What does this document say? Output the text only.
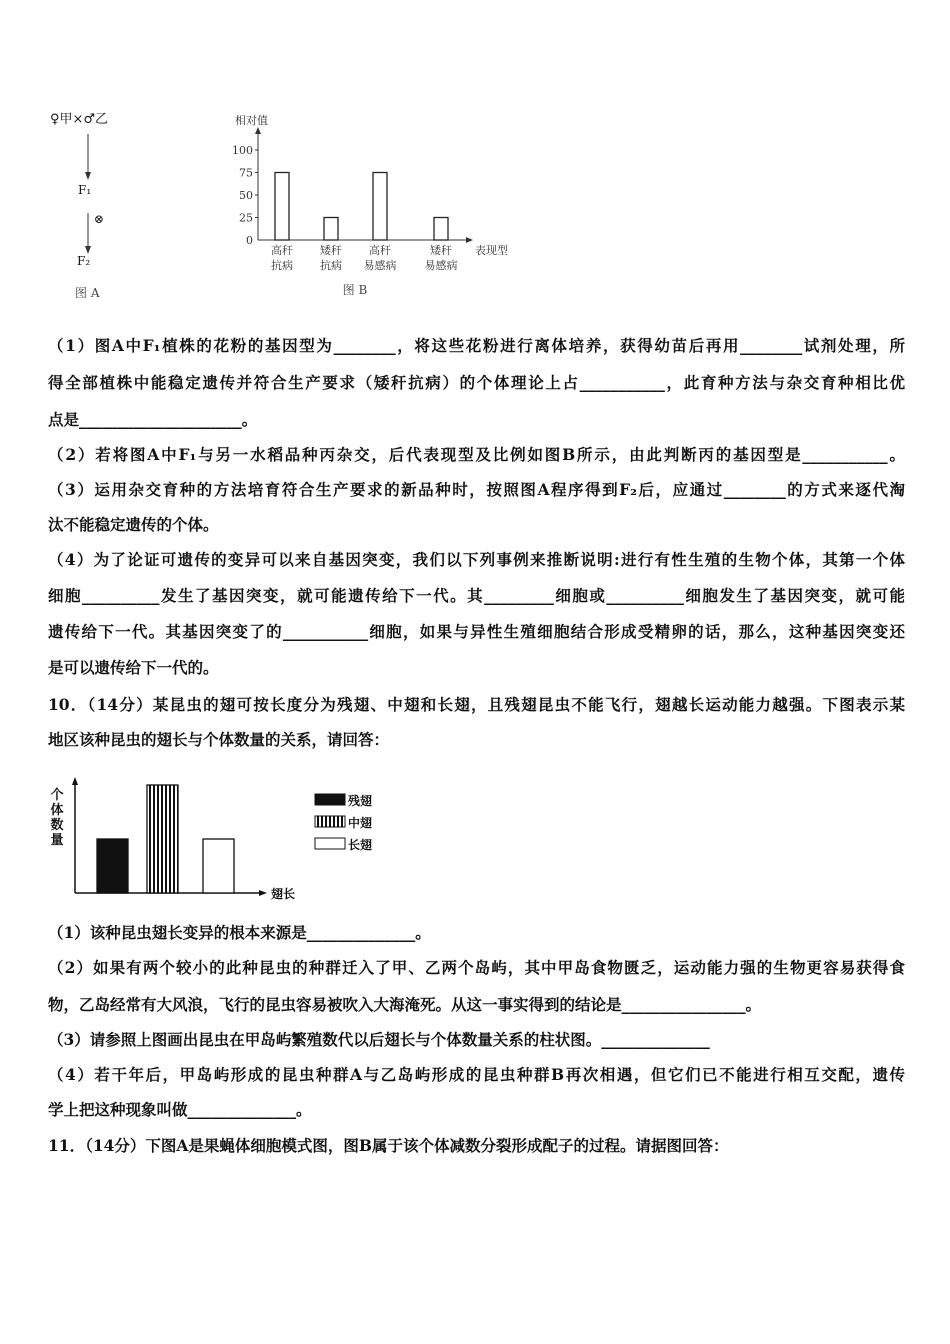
♀甲×♂乙
F₁
⊗
F₂
图 A
相对值
0
25
50
75
100
高秆
抗病
矮秆
抗病
高秆
易感病
矮秆
易感病
表现型
图 B
个
体
数
量
翅长
残翅
中翅
长翅
（1）图A中F₁植株的花粉的基因型为________，将这些花粉进行离体培养，获得幼苗后再用________试剂处理，所
得全部植株中能稳定遗传并符合生产要求（矮秆抗病）的个体理论上占___________，此育种方法与杂交育种相比优
点是_____________________。
（2）若将图A中F₁与另一水稻品种丙杂交，后代表现型及比例如图B所示，由此判断丙的基因型是___________。
（3）运用杂交育种的方法培育符合生产要求的新品种时，按照图A程序得到F₂后，应通过________的方式来逐代淘
汰不能稳定遗传的个体。
（4）为了论证可遗传的变异可以来自基因突变，我们以下列事例来推断说明:进行有性生殖的生物个体，其第一个体
细胞__________发生了基因突变，就可能遗传给下一代。其_________细胞或__________细胞发生了基因突变，就可能
遗传给下一代。其基因突变了的___________细胞，如果与异性生殖细胞结合形成受精卵的话，那么，这种基因突变还
是可以遗传给下一代的。
10．（14分）某昆虫的翅可按长度分为残翅、中翅和长翅，且残翅昆虫不能飞行，翅越长运动能力越强。下图表示某
地区该种昆虫的翅长与个体数量的关系，请回答：
（1）该种昆虫翅长变异的根本来源是______________。
（2）如果有两个较小的此种昆虫的种群迁入了甲、乙两个岛屿，其中甲岛食物匮乏，运动能力强的生物更容易获得食
物，乙岛经常有大风浪，飞行的昆虫容易被吹入大海淹死。从这一事实得到的结论是________________。
（3）请参照上图画出昆虫在甲岛屿繁殖数代以后翅长与个体数量关系的柱状图。______________
（4）若干年后，甲岛屿形成的昆虫种群A与乙岛屿形成的昆虫种群B再次相遇，但它们已不能进行相互交配，遗传
学上把这种现象叫做______________。
11．（14分）下图A是果蝇体细胞模式图，图B属于该个体减数分裂形成配子的过程。请据图回答：
